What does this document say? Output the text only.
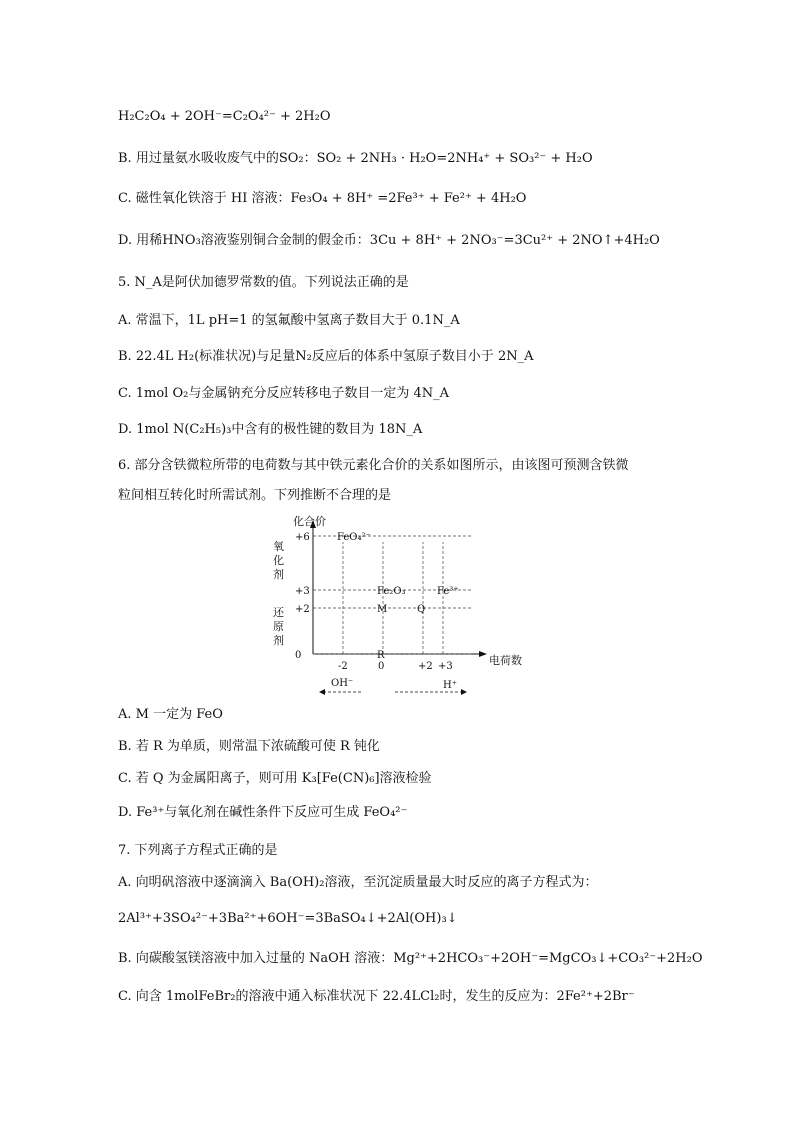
H₂C₂O₄ + 2OH⁻=C₂O₄²⁻ + 2H₂O
B. 用过量氨水吸收废气中的SO₂：SO₂ + 2NH₃ · H₂O=2NH₄⁺ + SO₃²⁻ + H₂O
C. 磁性氧化铁溶于 HI 溶液：Fe₃O₄ + 8H⁺ =2Fe³⁺ + Fe²⁺ + 4H₂O
D. 用稀HNO₃溶液鉴别铜合金制的假金币：3Cu + 8H⁺ + 2NO₃⁻=3Cu²⁺ + 2NO↑+4H₂O
5. N_A是阿伏加德罗常数的值。下列说法正确的是
A. 常温下，1L pH=1 的氢氟酸中氢离子数目大于 0.1N_A
B. 22.4L H₂(标准状况)与足量N₂反应后的体系中氢原子数目小于 2N_A
C. 1mol O₂与金属钠充分反应转移电子数目一定为 4N_A
D. 1mol N(C₂H₅)₃中含有的极性键的数目为 18N_A
6. 部分含铁微粒所带的电荷数与其中铁元素化合价的关系如图所示，由该图可预测含铁微
粒间相互转化时所需试剂。下列推断不合理的是
氧化剂
还原剂
化合价
电荷数
+6
+3
+2
0
-2	0	+2 +3
FeO₄²⁻
Fe₂O₃	Fe³⁺
M	Q
R
OH⁻	H⁺
A. M 一定为 FeO
B. 若 R 为单质，则常温下浓硫酸可使 R 钝化
C. 若 Q 为金属阳离子，则可用 K₃[Fe(CN)₆]溶液检验
D. Fe³⁺与氧化剂在碱性条件下反应可生成 FeO₄²⁻
7. 下列离子方程式正确的是
A. 向明矾溶液中逐滴滴入 Ba(OH)₂溶液，至沉淀质量最大时反应的离子方程式为：
2Al³⁺+3SO₄²⁻+3Ba²⁺+6OH⁻=3BaSO₄↓+2Al(OH)₃↓
B. 向碳酸氢镁溶液中加入过量的 NaOH 溶液：Mg²⁺+2HCO₃⁻+2OH⁻=MgCO₃↓+CO₃²⁻+2H₂O
C. 向含 1molFeBr₂的溶液中通入标准状况下 22.4LCl₂时，发生的反应为：2Fe²⁺+2Br⁻
